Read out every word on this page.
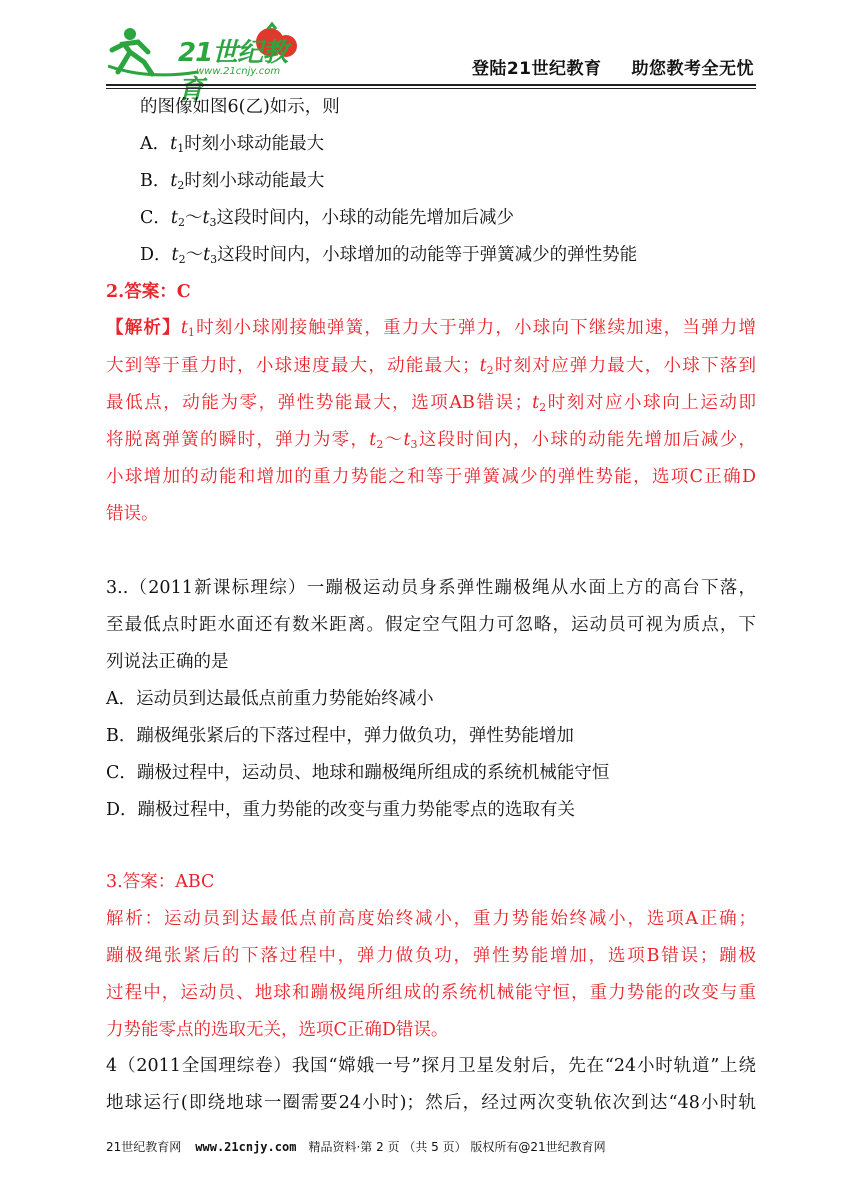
21世纪教育
www.21cnjy.com	登陆21世纪教育 助您教考全无忧
的图像如图6(乙)如示，则
A．$t_1$时刻小球动能最大
B．$t_2$时刻小球动能最大
C．$t_2\sim t_3$这段时间内，小球的动能先增加后减少
D．$t_2\sim t_3$这段时间内，小球增加的动能等于弹簧减少的弹性势能
2.答案：C
【解析】$t_1$时刻小球刚接触弹簧，重力大于弹力，小球向下继续加速，当弹力增
大到等于重力时，小球速度最大，动能最大；$t_2$时刻对应弹力最大，小球下落到
最低点，动能为零，弹性势能最大，选项AB错误；$t_2$时刻对应小球向上运动即
将脱离弹簧的瞬时，弹力为零，$t_2\sim t_3$这段时间内，小球的动能先增加后减少，
小球增加的动能和增加的重力势能之和等于弹簧减少的弹性势能，选项C正确D
错误。
3..（2011新课标理综）一蹦极运动员身系弹性蹦极绳从水面上方的高台下落，
至最低点时距水面还有数米距离。假定空气阻力可忽略，运动员可视为质点，下
列说法正确的是
A．运动员到达最低点前重力势能始终减小
B．蹦极绳张紧后的下落过程中，弹力做负功，弹性势能增加
C．蹦极过程中，运动员、地球和蹦极绳所组成的系统机械能守恒
D．蹦极过程中，重力势能的改变与重力势能零点的选取有关
3.答案：ABC
解析：运动员到达最低点前高度始终减小，重力势能始终减小，选项A正确；
蹦极绳张紧后的下落过程中，弹力做负功，弹性势能增加，选项B错误；蹦极
过程中，运动员、地球和蹦极绳所组成的系统机械能守恒，重力势能的改变与重
力势能零点的选取无关，选项C正确D错误。
4（2011全国理综卷）我国“嫦娥一号”探月卫星发射后，先在“24小时轨道”上绕
地球运行(即绕地球一圈需要24小时)；然后，经过两次变轨依次到达“48小时轨
21世纪教育网 www.21cnjy.com 精品资料·第 2 页 （共 5 页） 版权所有@21世纪教育网
